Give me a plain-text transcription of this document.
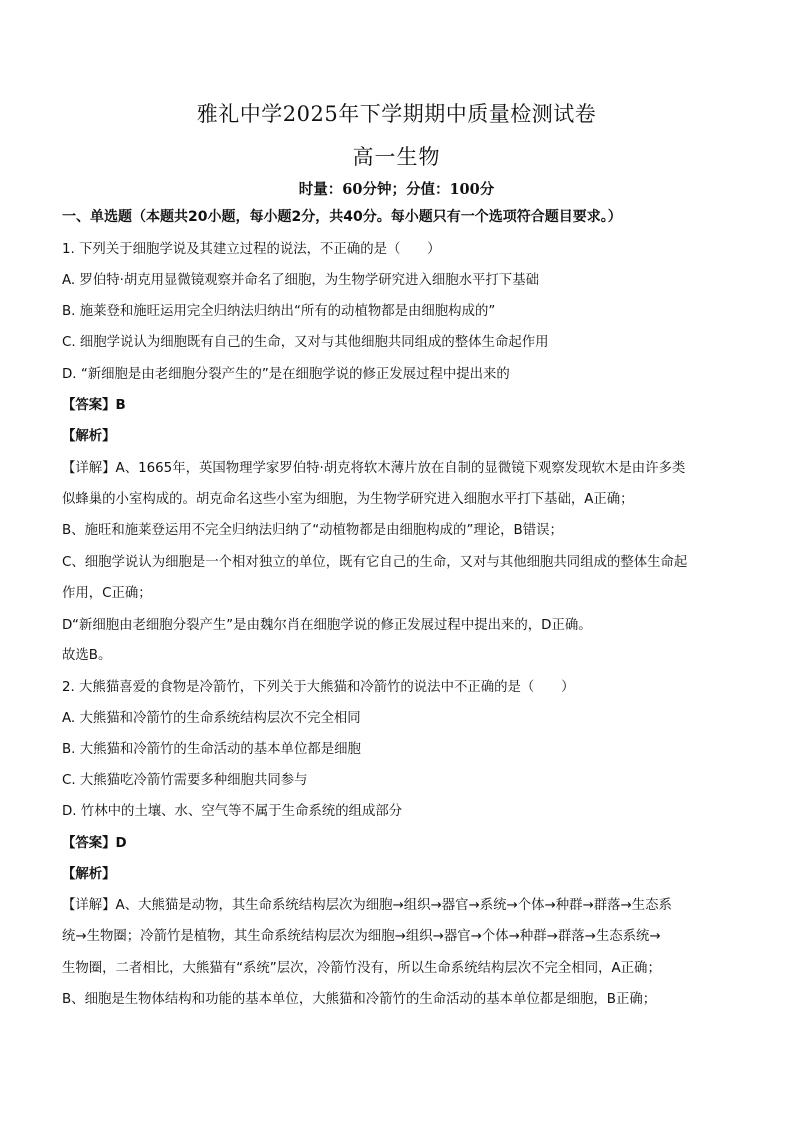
雅礼中学2025年下学期期中质量检测试卷
高一生物
时量：60分钟；分值：100分
一、单选题（本题共20小题，每小题2分，共40分。每小题只有一个选项符合题目要求。）
1. 下列关于细胞学说及其建立过程的说法，不正确的是（　　）
A. 罗伯特·胡克用显微镜观察并命名了细胞，为生物学研究进入细胞水平打下基础
B. 施莱登和施旺运用完全归纳法归纳出“所有的动植物都是由细胞构成的”
C. 细胞学说认为细胞既有自己的生命，又对与其他细胞共同组成的整体生命起作用
D. “新细胞是由老细胞分裂产生的”是在细胞学说的修正发展过程中提出来的
【答案】B
【解析】
【详解】A、1665年，英国物理学家罗伯特·胡克将软木薄片放在自制的显微镜下观察发现软木是由许多类
似蜂巢的小室构成的。胡克命名这些小室为细胞，为生物学研究进入细胞水平打下基础，A正确；
B、施旺和施莱登运用不完全归纳法归纳了“动植物都是由细胞构成的”理论，B错误；
C、细胞学说认为细胞是一个相对独立的单位，既有它自己的生命，又对与其他细胞共同组成的整体生命起
作用，C正确；
D“新细胞由老细胞分裂产生”是由魏尔肖在细胞学说的修正发展过程中提出来的，D正确。
故选B。
2. 大熊猫喜爱的食物是冷箭竹，下列关于大熊猫和冷箭竹的说法中不正确的是（　　）
A. 大熊猫和冷箭竹的生命系统结构层次不完全相同
B. 大熊猫和冷箭竹的生命活动的基本单位都是细胞
C. 大熊猫吃冷箭竹需要多种细胞共同参与
D. 竹林中的土壤、水、空气等不属于生命系统的组成部分
【答案】D
【解析】
【详解】A、大熊猫是动物，其生命系统结构层次为细胞→组织→器官→系统→个体→种群→群落→生态系
统→生物圈；冷箭竹是植物，其生命系统结构层次为细胞→组织→器官→个体→种群→群落→生态系统→
生物圈，二者相比，大熊猫有“系统”层次，冷箭竹没有，所以生命系统结构层次不完全相同，A正确；
B、细胞是生物体结构和功能的基本单位，大熊猫和冷箭竹的生命活动的基本单位都是细胞，B正确；
